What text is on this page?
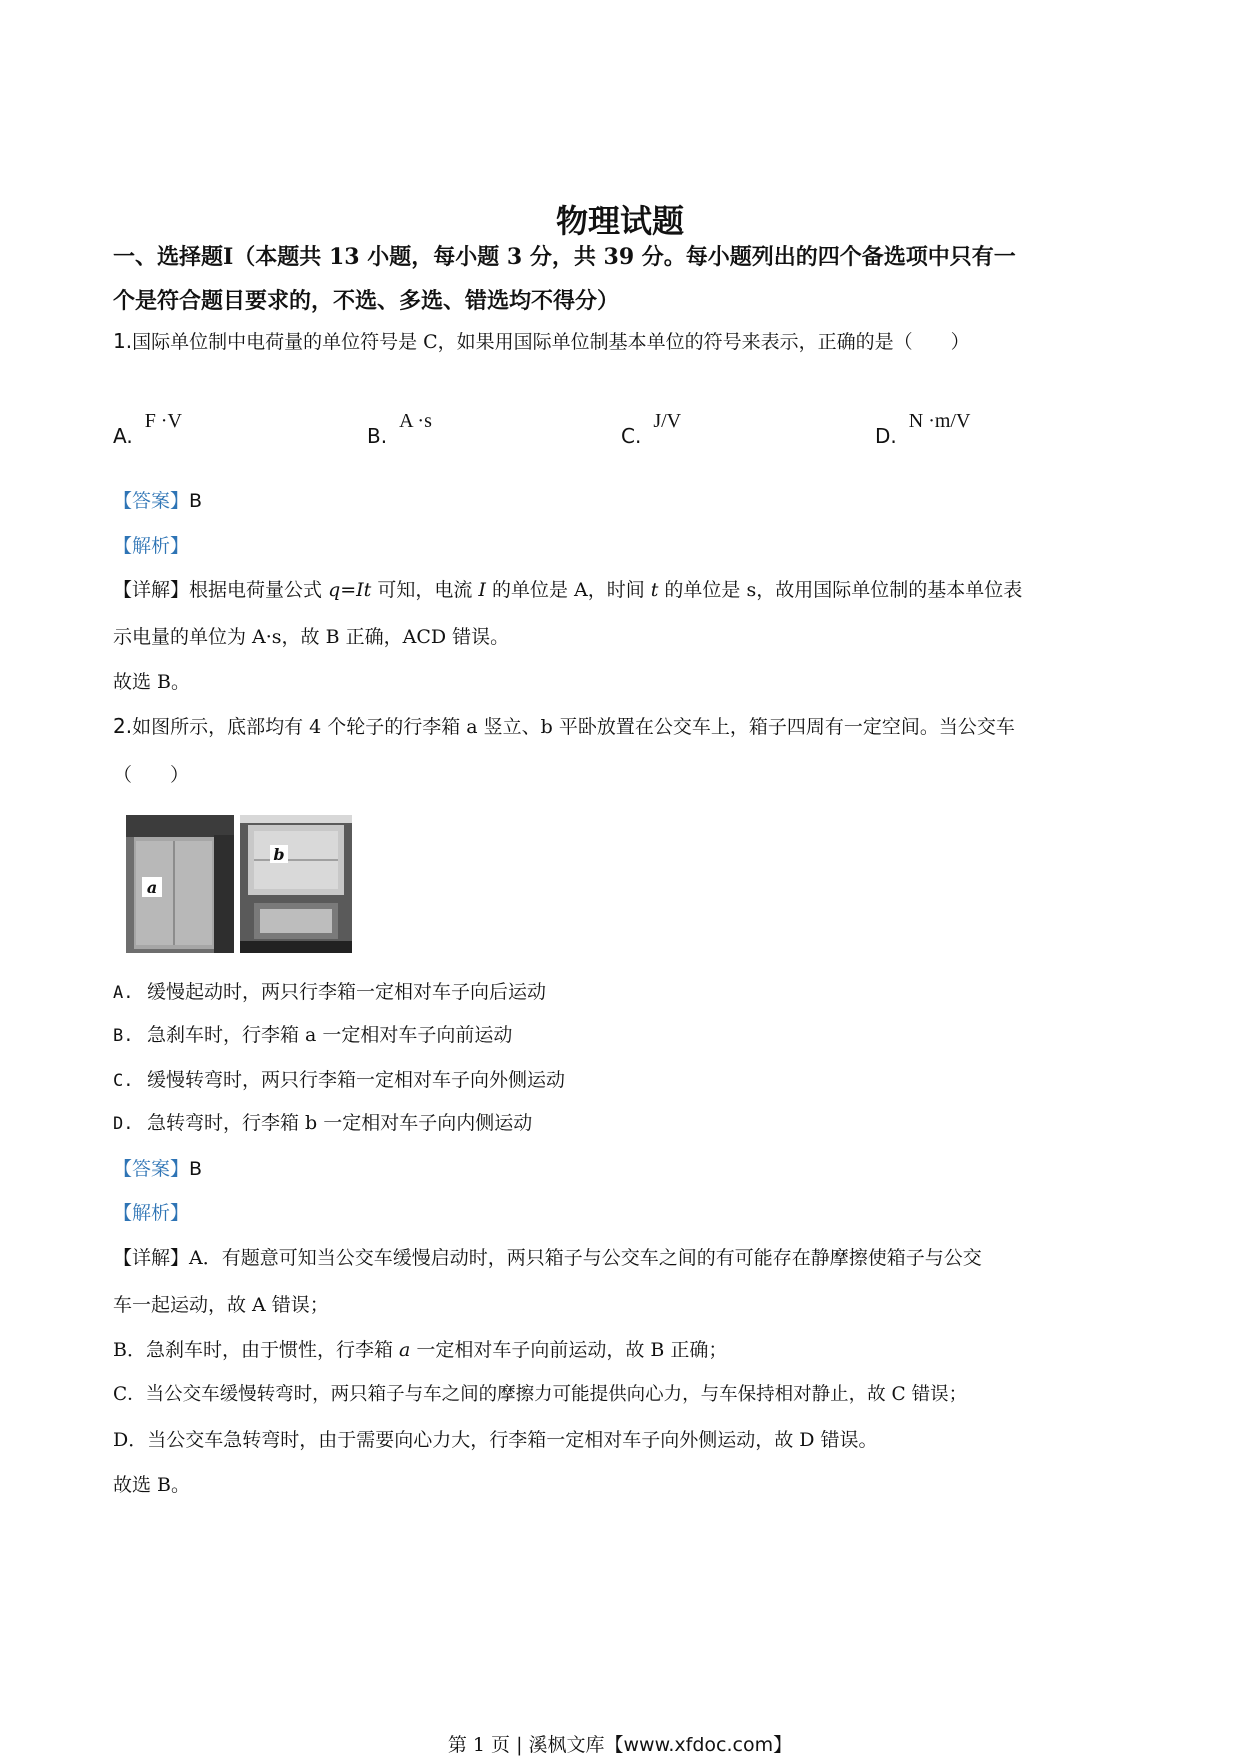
物理试题
一、选择题Ⅰ（本题共 13 小题，每小题 3 分，共 39 分。每小题列出的四个备选项中只有一
个是符合题目要求的，不选、多选、错选均不得分）
1.国际单位制中电荷量的单位符号是 C，如果用国际单位制基本单位的符号来表示，正确的是（　　）
A.F ·V
B.A ·s
C.J/V
D.N ·m/V
【答案】B
【解析】
【详解】根据电荷量公式 q=It 可知，电流 I 的单位是 A，时间 t 的单位是 s，故用国际单位制的基本单位表
示电量的单位为 A·s，故 B 正确，ACD 错误。
故选 B。
2.如图所示，底部均有 4 个轮子的行李箱 a 竖立、b 平卧放置在公交车上，箱子四周有一定空间。当公交车
（　　）
a
b
A. 缓慢起动时，两只行李箱一定相对车子向后运动
B. 急刹车时，行李箱 a 一定相对车子向前运动
C. 缓慢转弯时，两只行李箱一定相对车子向外侧运动
D. 急转弯时，行李箱 b 一定相对车子向内侧运动
【答案】B
【解析】
【详解】A．有题意可知当公交车缓慢启动时，两只箱子与公交车之间的有可能存在静摩擦使箱子与公交
车一起运动，故 A 错误；
B．急刹车时，由于惯性，行李箱 a 一定相对车子向前运动，故 B 正确；
C．当公交车缓慢转弯时，两只箱子与车之间的摩擦力可能提供向心力，与车保持相对静止，故 C 错误；
D．当公交车急转弯时，由于需要向心力大，行李箱一定相对车子向外侧运动，故 D 错误。
故选 B。
第 1 页 | 溪枫文库【www.xfdoc.com】
